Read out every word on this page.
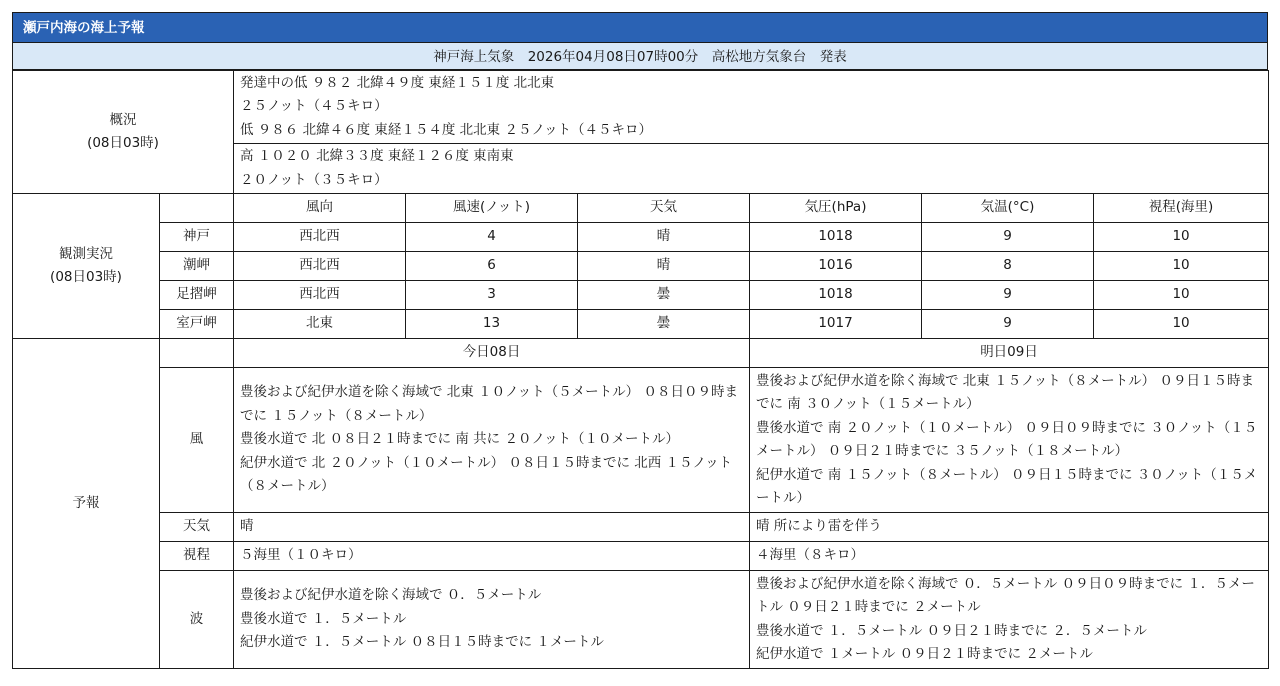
瀬戸内海の海上予報
神戸海上気象　2026年04月08日07時00分　高松地方気象台　発表
概況
(08日03時)		発達中の低 ９８２ 北緯４９度 東経１５１度 北北東
２５ノット（４５キロ）
低 ９８６ 北緯４６度 東経１５４度 北北東 ２５ノット（４５キロ）					

		高 １０２０ 北緯３３度 東経１２６度 東南東
２０ノット（３５キロ）					

観測実況
(08日03時)		風向	風速(ノット)	天気	気圧(hPa)	気温(°C)	視程(海里)
	神戸	西北西	4	晴	1018	9	10
	潮岬	西北西	6	晴	1016	8	10
	足摺岬	西北西	3	曇	1018	9	10
	室戸岬	北東	13	曇	1017	9	10
予報		今日08日			明日09日		
	風	豊後および紀伊水道を除く海域で 北東 １０ノット（５メートル） ０８日０９時までに １５ノット（８メートル）
豊後水道で 北 ０８日２１時までに 南 共に ２０ノット（１０メートル）
紀伊水道で 北 ２０ノット（１０メートル） ０８日１５時までに 北西 １５ノット（８メートル）			豊後および紀伊水道を除く海域で 北東 １５ノット（８メートル） ０９日１５時までに 南 ３０ノット（１５メートル）
豊後水道で 南 ２０ノット（１０メートル） ０９日０９時までに ３０ノット（１５メートル） ０９日２１時までに ３５ノット（１８メートル）
紀伊水道で 南 １５ノット（８メートル） ０９日１５時までに ３０ノット（１５メートル）		

	天気	晴			晴 所により雷を伴う		
	視程	５海里（１０キロ）			４海里（８キロ）		
	波	豊後および紀伊水道を除く海域で ０．５メートル
豊後水道で １．５メートル
紀伊水道で １．５メートル ０８日１５時までに １メートル			豊後および紀伊水道を除く海域で ０．５メートル ０９日０９時までに １．５メートル ０９日２１時までに ２メートル
豊後水道で １．５メートル ０９日２１時までに ２．５メートル
紀伊水道で １メートル ０９日２１時までに ２メートル		
